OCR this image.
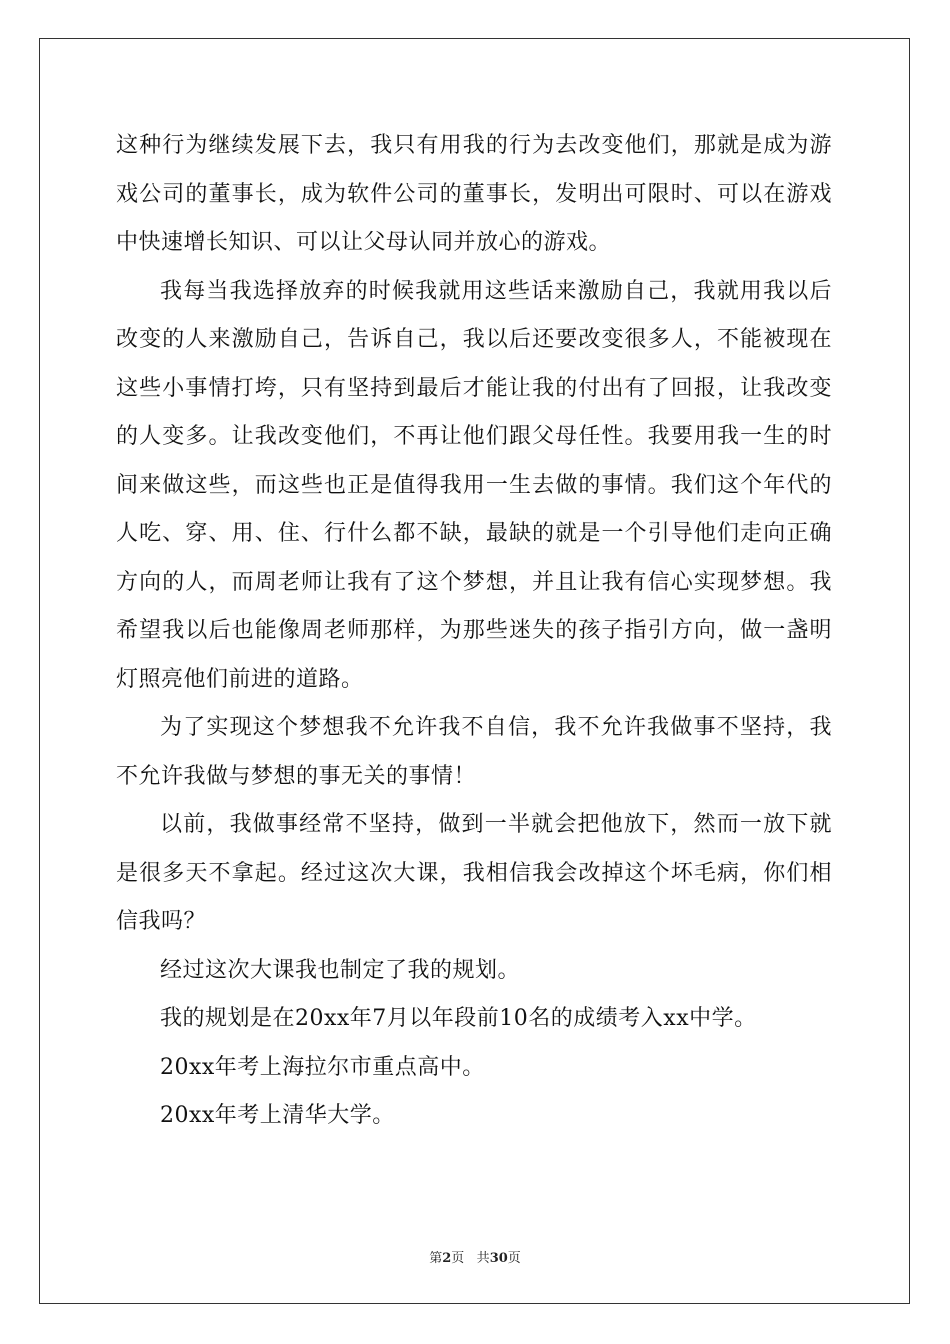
这种行为继续发展下去，我只有用我的行为去改变他们，那就是成为游戏公司的董事长，成为软件公司的董事长，发明出可限时、可以在游戏中快速增长知识、可以让父母认同并放心的游戏。

我每当我选择放弃的时候我就用这些话来激励自己，我就用我以后改变的人来激励自己，告诉自己，我以后还要改变很多人，不能被现在这些小事情打垮，只有坚持到最后才能让我的付出有了回报，让我改变的人变多。让我改变他们，不再让他们跟父母任性。我要用我一生的时间来做这些，而这些也正是值得我用一生去做的事情。我们这个年代的人吃、穿、用、住、行什么都不缺，最缺的就是一个引导他们走向正确方向的人，而周老师让我有了这个梦想，并且让我有信心实现梦想。我希望我以后也能像周老师那样，为那些迷失的孩子指引方向，做一盏明灯照亮他们前进的道路。

为了实现这个梦想我不允许我不自信，我不允许我做事不坚持，我不允许我做与梦想的事无关的事情！

以前，我做事经常不坚持，做到一半就会把他放下，然而一放下就是很多天不拿起。经过这次大课，我相信我会改掉这个坏毛病，你们相信我吗？

经过这次大课我也制定了我的规划。

我的规划是在20xx年7月以年段前10名的成绩考入xx中学。

20xx年考上海拉尔市重点高中。

20xx年考上清华大学。

第2页 共30页
